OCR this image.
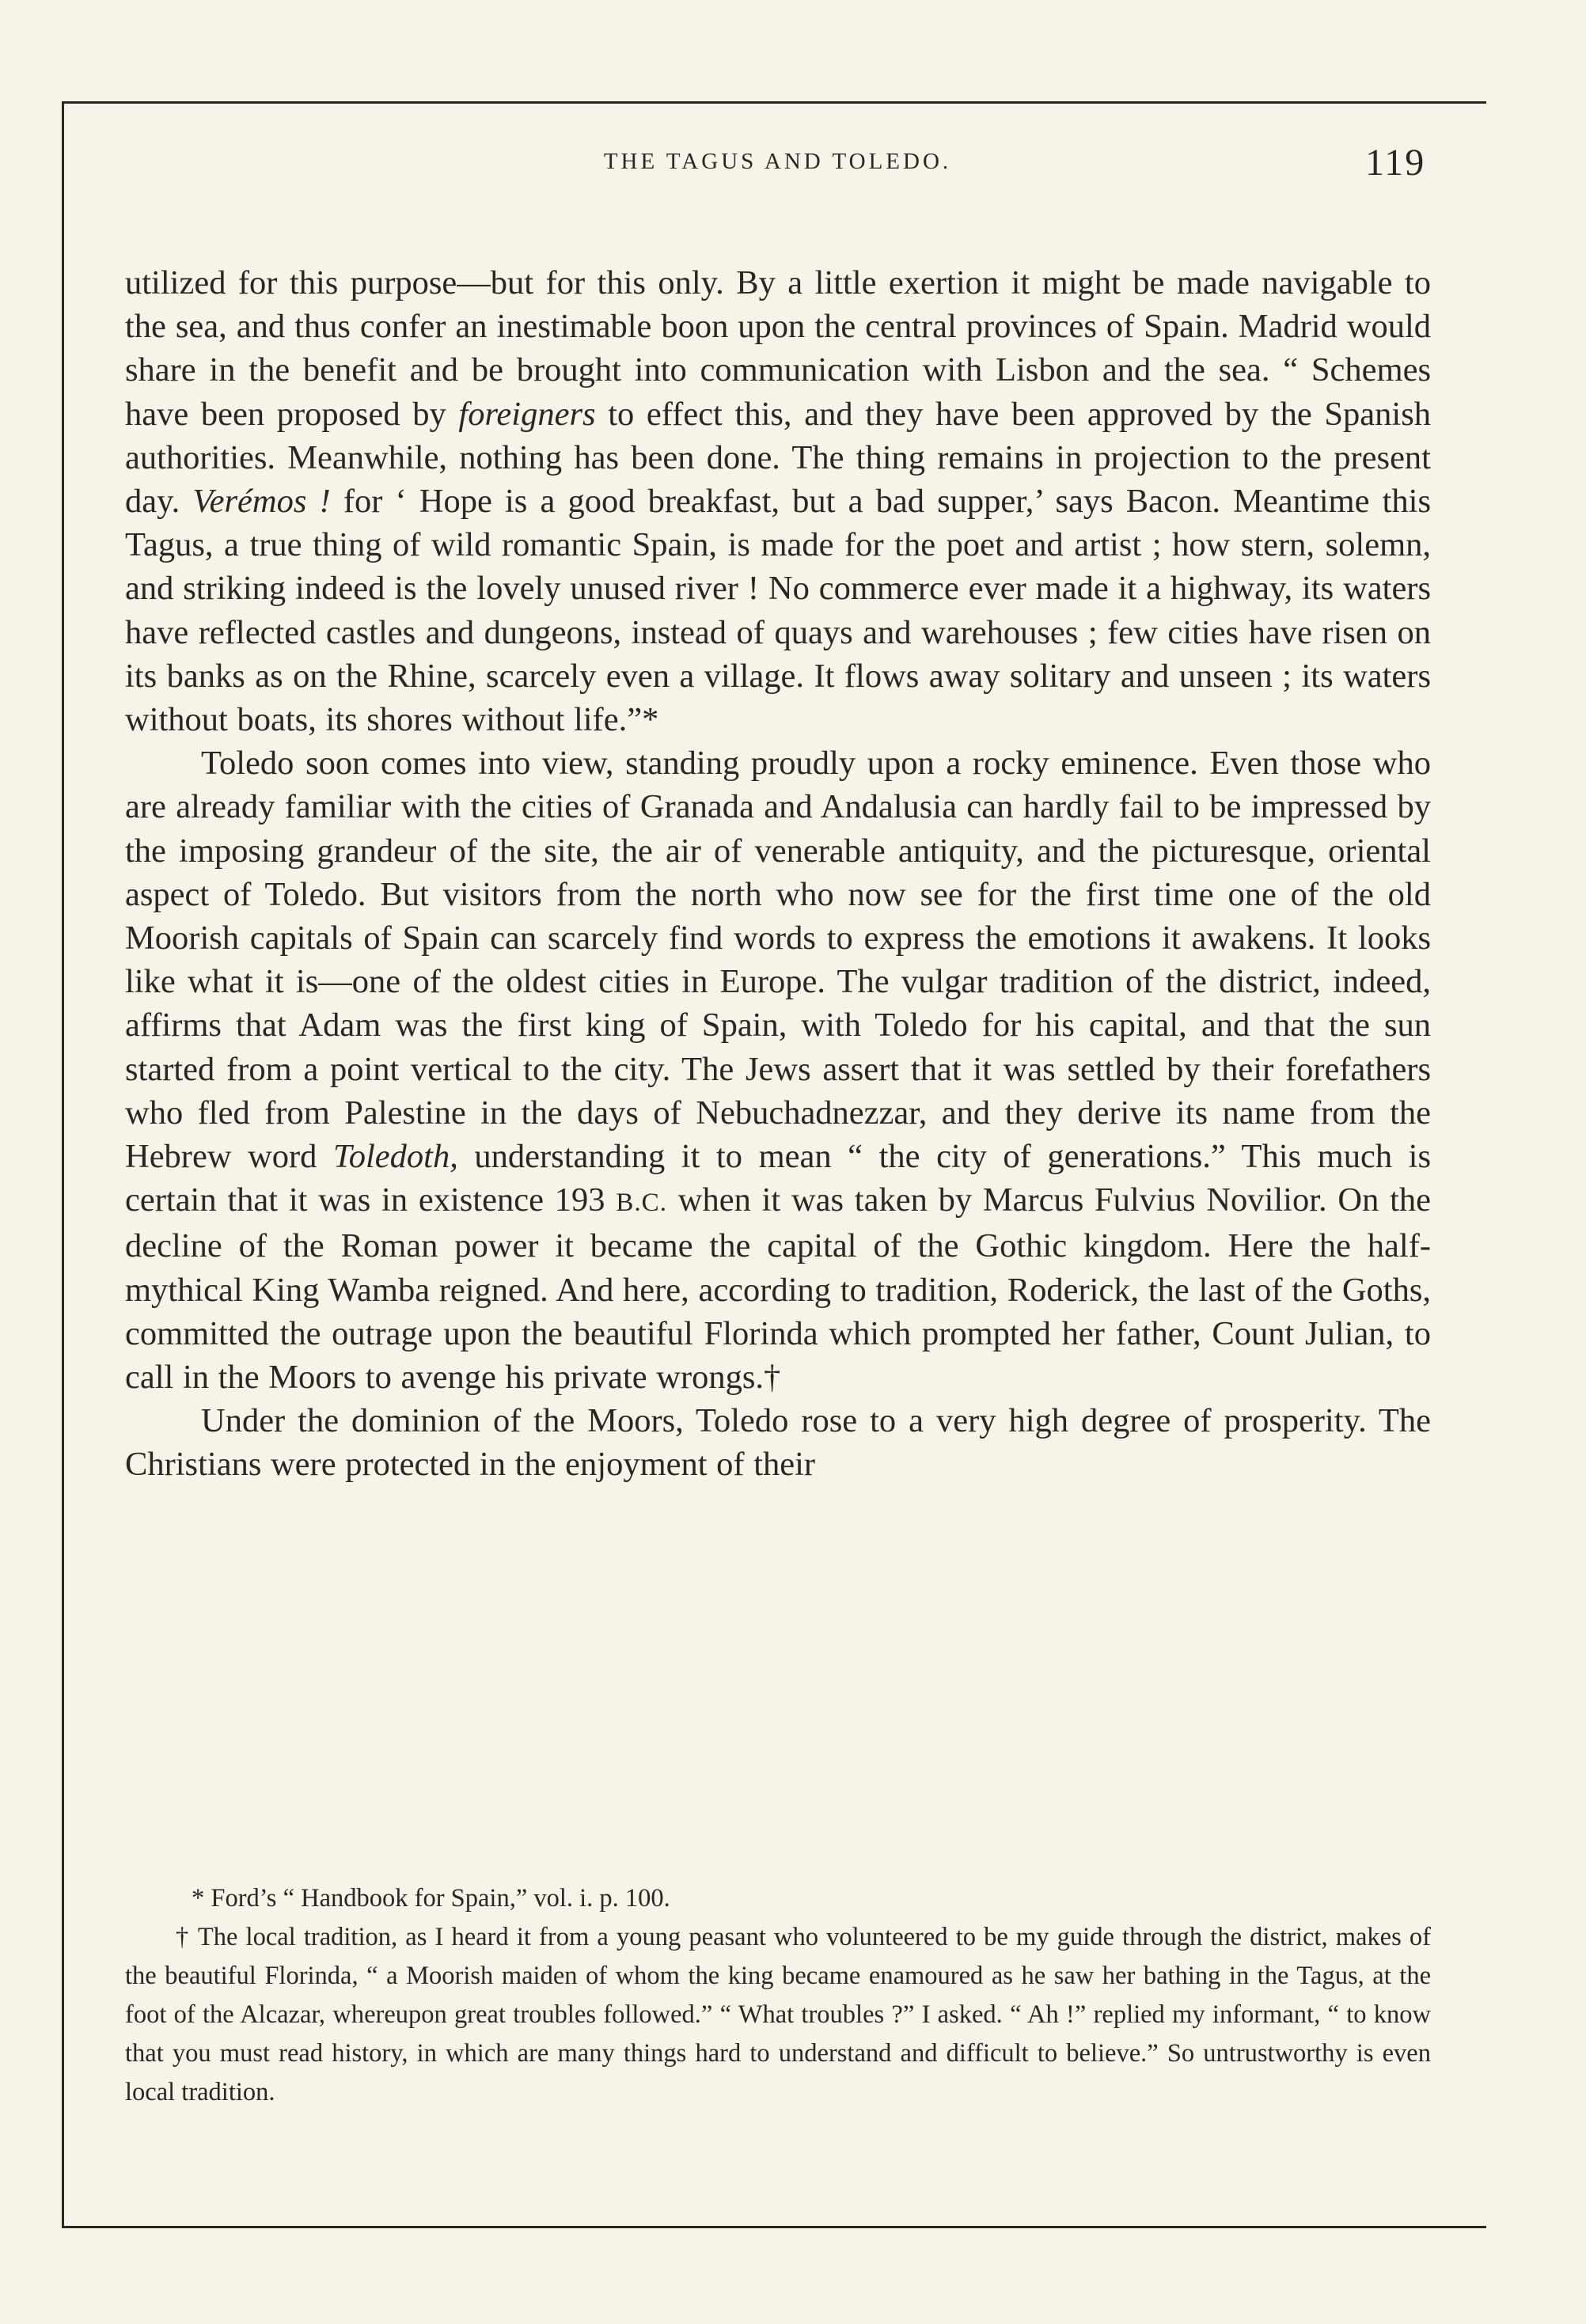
THE TAGUS AND TOLEDO.	119

utilized for this purpose—but for this only. By a little exertion it might be made navigable to the sea, and thus confer an inestimable boon upon the central provinces of Spain. Madrid would share in the benefit and be brought into communication with Lisbon and the sea. “ Schemes have been proposed by foreigners to effect this, and they have been approved by the Spanish authorities. Meanwhile, nothing has been done. The thing remains in projection to the present day. Verémos ! for ‘ Hope is a good breakfast, but a bad supper,’ says Bacon. Meantime this Tagus, a true thing of wild romantic Spain, is made for the poet and artist ; how stern, solemn, and striking indeed is the lovely unused river ! No commerce ever made it a highway, its waters have reflected castles and dungeons, instead of quays and warehouses ; few cities have risen on its banks as on the Rhine, scarcely even a village. It flows away solitary and unseen ; its waters without boats, its shores without life.”*

Toledo soon comes into view, standing proudly upon a rocky eminence. Even those who are already familiar with the cities of Granada and Andalusia can hardly fail to be impressed by the imposing grandeur of the site, the air of venerable antiquity, and the picturesque, oriental aspect of Toledo. But visitors from the north who now see for the first time one of the old Moorish capitals of Spain can scarcely find words to express the emotions it awakens. It looks like what it is—one of the oldest cities in Europe. The vulgar tradition of the district, indeed, affirms that Adam was the first king of Spain, with Toledo for his capital, and that the sun started from a point vertical to the city. The Jews assert that it was settled by their forefathers who fled from Palestine in the days of Nebuchadnezzar, and they derive its name from the Hebrew word Toledoth, understanding it to mean “ the city of generations.” This much is certain that it was in existence 193 B.C. when it was taken by Marcus Fulvius Novilior. On the decline of the Roman power it became the capital of the Gothic kingdom. Here the half-mythical King Wamba reigned. And here, according to tradition, Roderick, the last of the Goths, committed the outrage upon the beautiful Florinda which prompted her father, Count Julian, to call in the Moors to avenge his private wrongs.†

Under the dominion of the Moors, Toledo rose to a very high degree of prosperity. The Christians were protected in the enjoyment of their

* Ford’s “ Handbook for Spain,” vol. i. p. 100.

† The local tradition, as I heard it from a young peasant who volunteered to be my guide through the district, makes of the beautiful Florinda, “ a Moorish maiden of whom the king became enamoured as he saw her bathing in the Tagus, at the foot of the Alcazar, whereupon great troubles followed.” “ What troubles ?” I asked. “ Ah !” replied my informant, “ to know that you must read history, in which are many things hard to understand and difficult to believe.” So untrustworthy is even local tradition.
